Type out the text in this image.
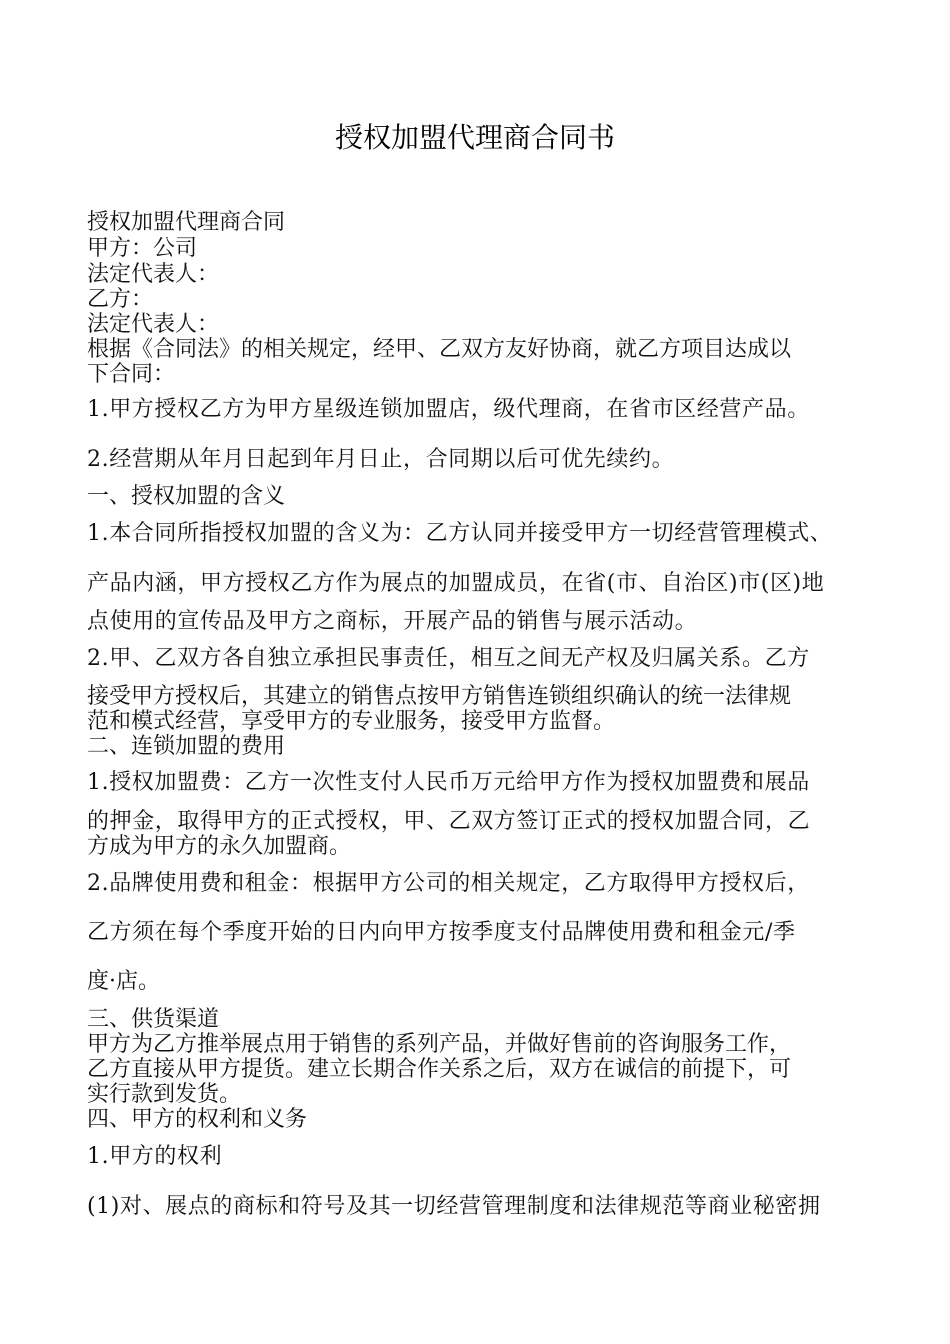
授权加盟代理商合同书

授权加盟代理商合同

甲方：公司

法定代表人：

乙方：

法定代表人：

根据《合同法》的相关规定，经甲、乙双方友好协商，就乙方项目达成以

下合同：

1.甲方授权乙方为甲方星级连锁加盟店，级代理商，在省市区经营产品。

2.经营期从年月日起到年月日止，合同期以后可优先续约。

一、授权加盟的含义

1.本合同所指授权加盟的含义为：乙方认同并接受甲方一切经营管理模式、

产品内涵，甲方授权乙方作为展点的加盟成员，在省(市、自治区)市(区)地

点使用的宣传品及甲方之商标，开展产品的销售与展示活动。

2.甲、乙双方各自独立承担民事责任，相互之间无产权及归属关系。乙方

接受甲方授权后，其建立的销售点按甲方销售连锁组织确认的统一法律规

范和模式经营，享受甲方的专业服务，接受甲方监督。

二、连锁加盟的费用

1.授权加盟费：乙方一次性支付人民币万元给甲方作为授权加盟费和展品

的押金，取得甲方的正式授权，甲、乙双方签订正式的授权加盟合同，乙

方成为甲方的永久加盟商。

2.品牌使用费和租金：根据甲方公司的相关规定，乙方取得甲方授权后，

乙方须在每个季度开始的日内向甲方按季度支付品牌使用费和租金元/季

度·店。

三、供货渠道

甲方为乙方推举展点用于销售的系列产品，并做好售前的咨询服务工作，

乙方直接从甲方提货。建立长期合作关系之后，双方在诚信的前提下，可

实行款到发货。

四、甲方的权利和义务

1.甲方的权利

(1)对、展点的商标和符号及其一切经营管理制度和法律规范等商业秘密拥
